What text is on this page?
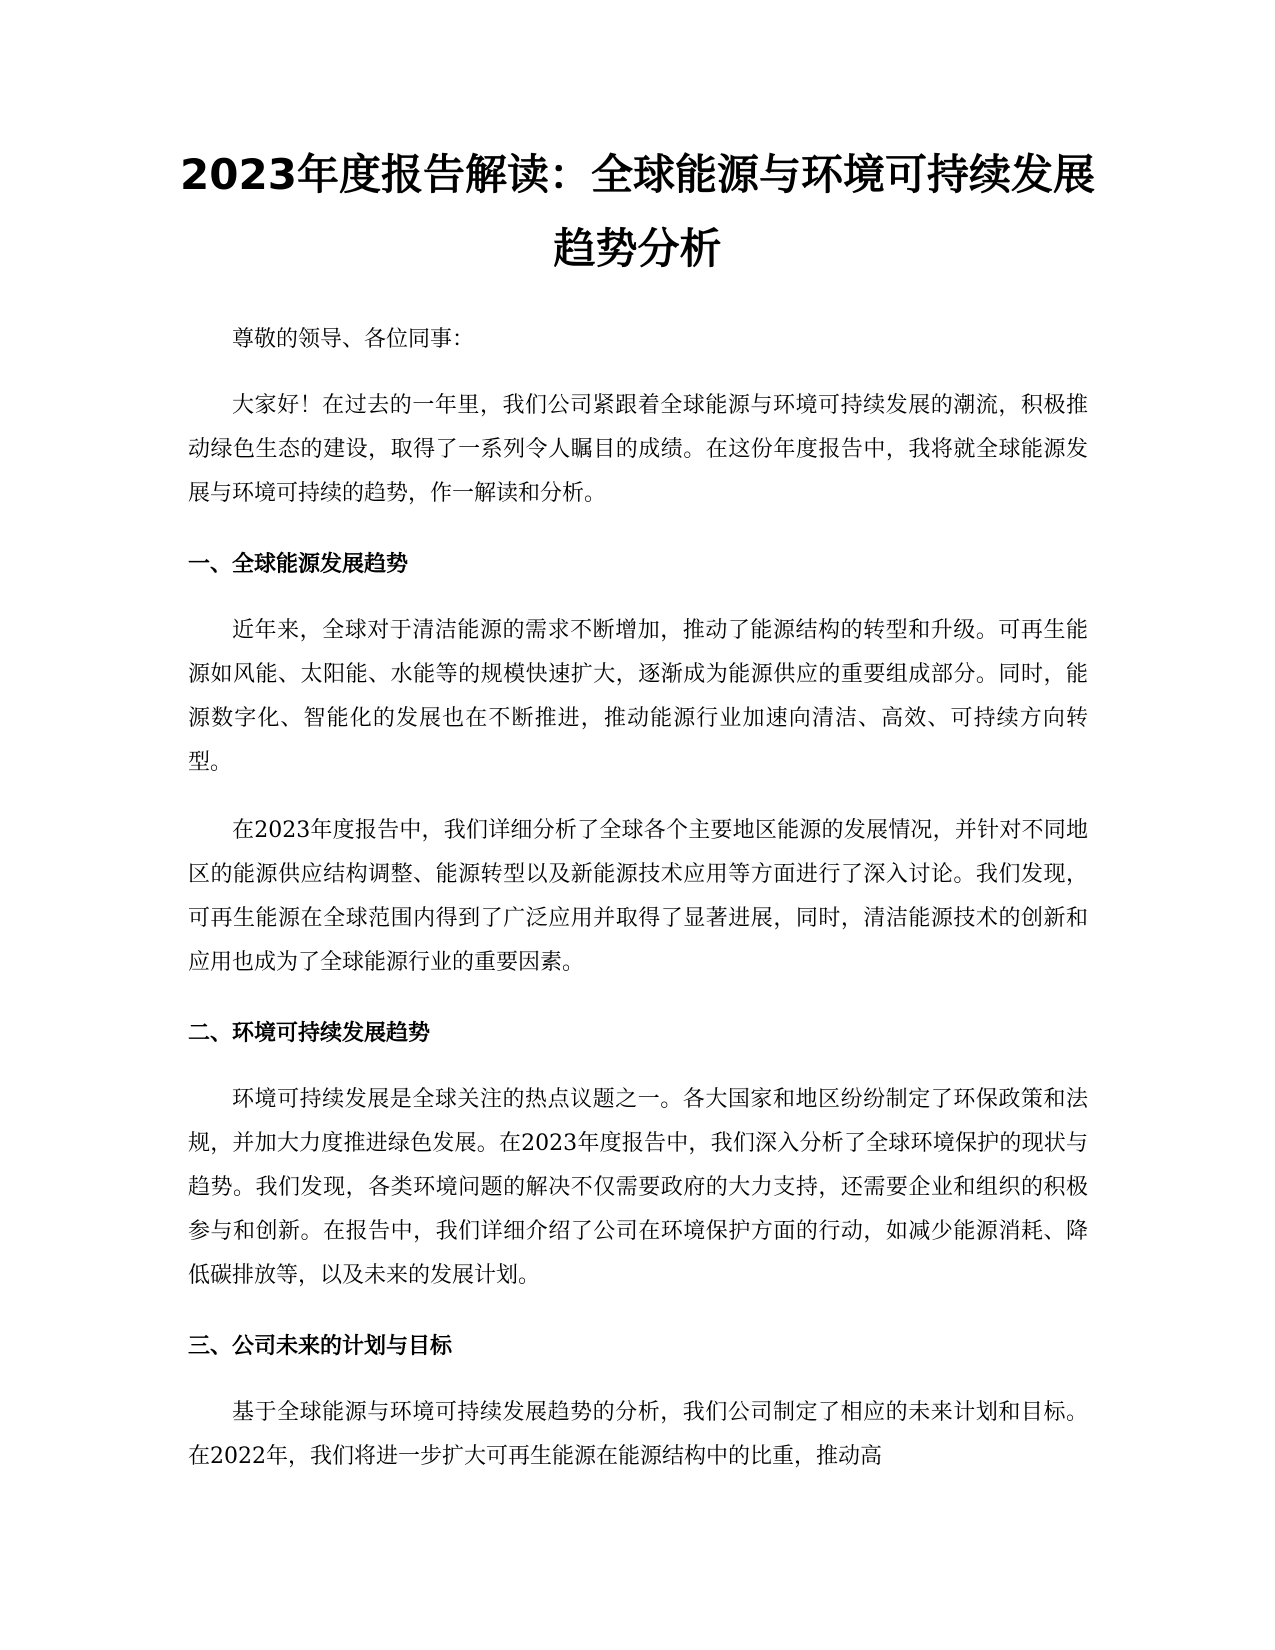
2023年度报告解读：全球能源与环境可持续发展趋势分析

尊敬的领导、各位同事：

大家好！在过去的一年里，我们公司紧跟着全球能源与环境可持续发展的潮流，积极推动绿色生态的建设，取得了一系列令人瞩目的成绩。在这份年度报告中，我将就全球能源发展与环境可持续的趋势，作一解读和分析。

一、全球能源发展趋势

近年来，全球对于清洁能源的需求不断增加，推动了能源结构的转型和升级。可再生能源如风能、太阳能、水能等的规模快速扩大，逐渐成为能源供应的重要组成部分。同时，能源数字化、智能化的发展也在不断推进，推动能源行业加速向清洁、高效、可持续方向转型。

在2023年度报告中，我们详细分析了全球各个主要地区能源的发展情况，并针对不同地区的能源供应结构调整、能源转型以及新能源技术应用等方面进行了深入讨论。我们发现，可再生能源在全球范围内得到了广泛应用并取得了显著进展，同时，清洁能源技术的创新和应用也成为了全球能源行业的重要因素。

二、环境可持续发展趋势

环境可持续发展是全球关注的热点议题之一。各大国家和地区纷纷制定了环保政策和法规，并加大力度推进绿色发展。在2023年度报告中，我们深入分析了全球环境保护的现状与趋势。我们发现，各类环境问题的解决不仅需要政府的大力支持，还需要企业和组织的积极参与和创新。在报告中，我们详细介绍了公司在环境保护方面的行动，如减少能源消耗、降低碳排放等，以及未来的发展计划。

三、公司未来的计划与目标

基于全球能源与环境可持续发展趋势的分析，我们公司制定了相应的未来计划和目标。在2022年，我们将进一步扩大可再生能源在能源结构中的比重，推动高
